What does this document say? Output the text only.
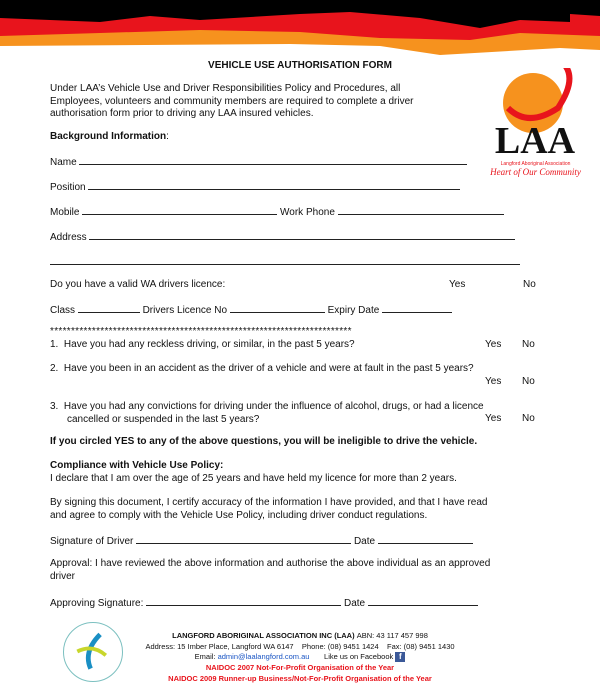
VEHICLE USE AUTHORISATION FORM
Under LAA’s Vehicle Use and Driver Responsibilities Policy and Procedures, all
Employees, volunteers and community members are required to complete a driver
authorisation form prior to driving any LAA insured vehicles.
LAA
Langford Aboriginal Association
Heart of Our Community
Background Information:
Name
Position
Mobile	Work Phone
Address
Do you have a valid WA drivers licence:	Yes	No
Class	Drivers Licence No	Expiry Date
************************************************************************
1. Have you had any reckless driving, or similar, in the past 5 years?	Yes No
2. Have you been in an accident as the driver of a vehicle and were at fault in the past 5 years?
Yes No
3. Have you had any convictions for driving under the influence of alcohol, drugs, or had a licence
cancelled or suspended in the last 5 years?	Yes No
If you circled YES to any of the above questions, you will be ineligible to drive the vehicle.
Compliance with Vehicle Use Policy:
I declare that I am over the age of 25 years and have held my licence for more than 2 years.
By signing this document, I certify accuracy of the information I have provided, and that I have read
and agree to comply with the Vehicle Use Policy, including driver conduct regulations.
Signature of Driver	Date
Approval: I have reviewed the above information and authorise the above individual as an approved
driver
Approving Signature:	Date
LANGFORD ABORIGINAL ASSOCIATION INC (LAA) ABN: 43 117 457 998
Address: 15 Imber Place, Langford WA 6147 Phone: (08) 9451 1424 Fax: (08) 9451 1430
Email: admin@laalangford.com.au Like us on Facebook f
NAIDOC 2007 Not-For-Profit Organisation of the Year
NAIDOC 2009 Runner-up Business/Not-For-Profit Organisation of the Year
